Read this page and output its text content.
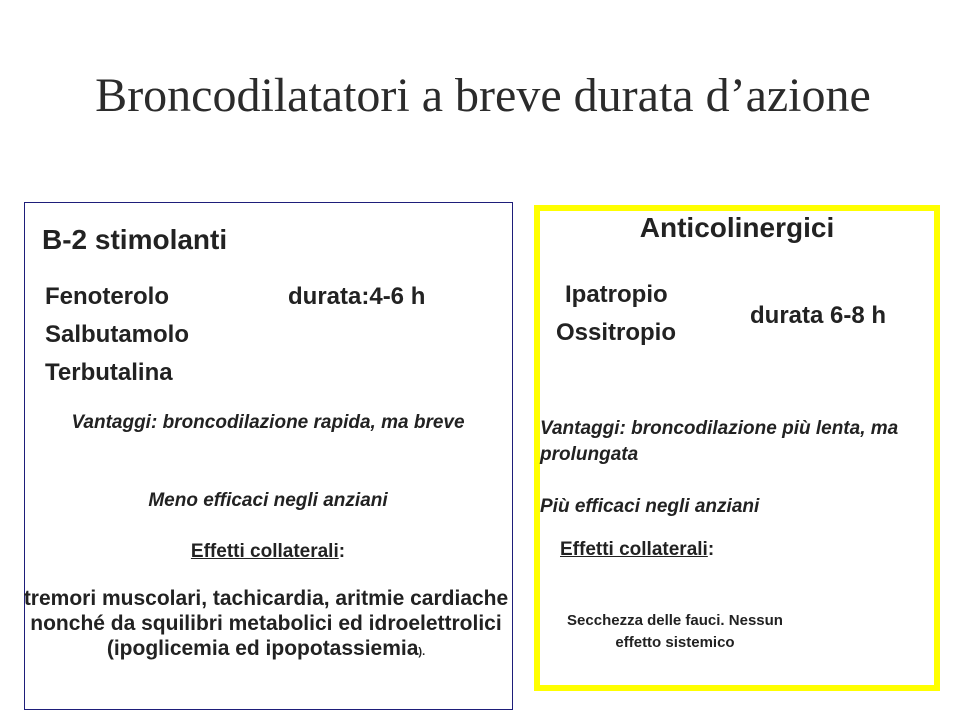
Broncodilatatori a breve durata d’azione
B-2 stimolanti
Fenoterolo
Salbutamolo
Terbutalina
durata:4-6 h
Vantaggi: broncodilazione rapida, ma breve
Meno efficaci negli anziani
Effetti collaterali:
tremori muscolari, tachicardia, aritmie cardiache nonché da squilibri metabolici ed idroelettrolici (ipoglicemia ed ipopotassiemia).
Anticolinergici
Ipatropio
Ossitropio
durata 6-8 h
Vantaggi: broncodilazione più lenta, ma prolungata
Più efficaci negli anziani
Effetti collaterali:
Secchezza delle fauci. Nessun effetto sistemico
